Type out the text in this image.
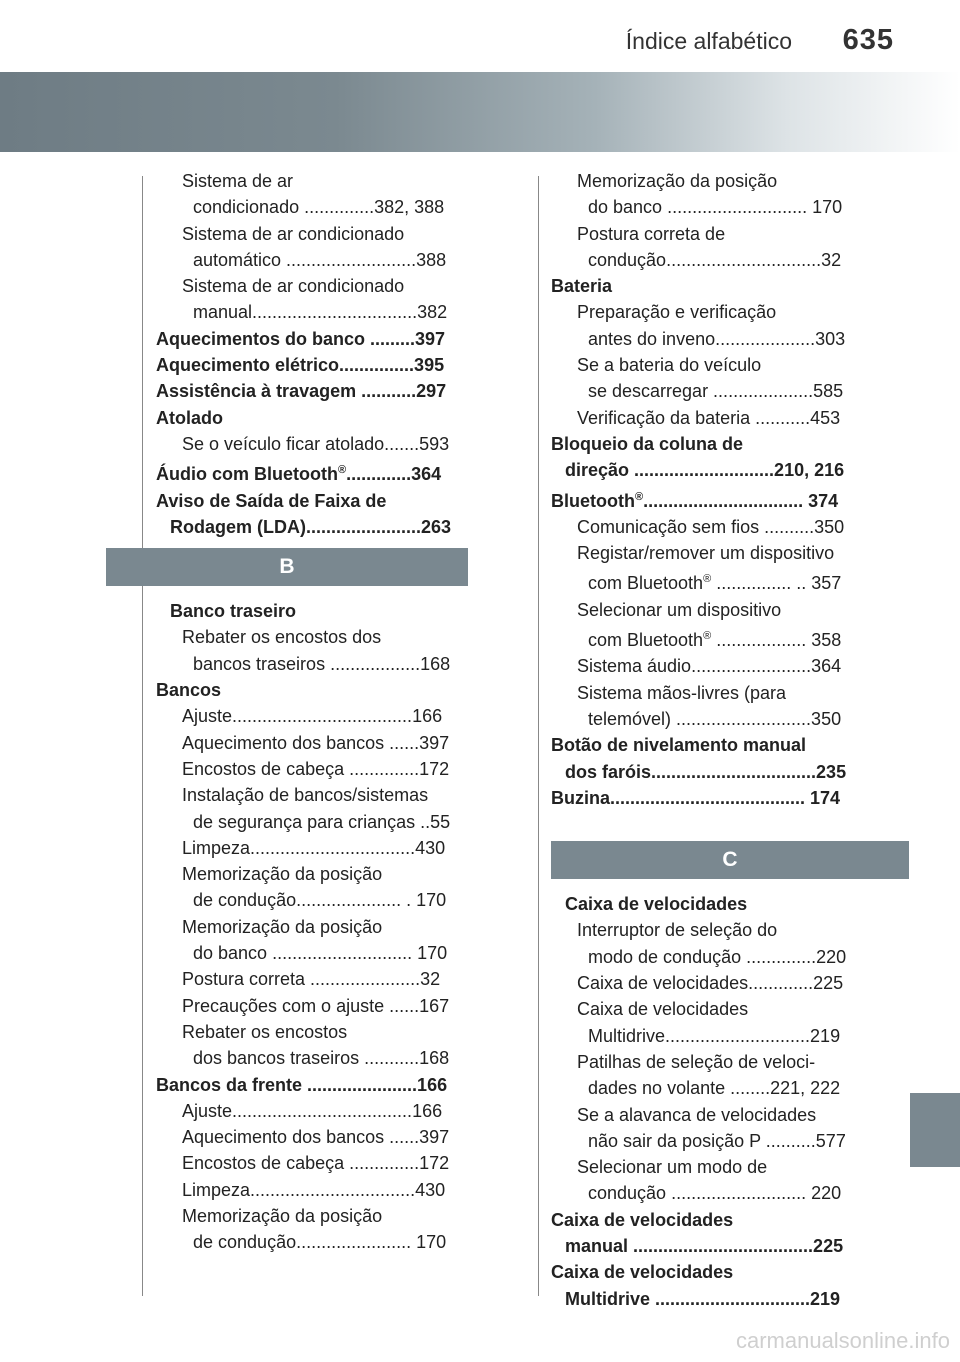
Índice alfabético 635
Sistema de ar
condicionado ..............382, 388
Sistema de ar condicionado
automático ..........................388
Sistema de ar condicionado
manual.................................382
Aquecimentos do banco .........397
Aquecimento elétrico...............395
Assistência à travagem ...........297
Atolado
Se o veículo ficar atolado.......593
Áudio com Bluetooth®.............364
Aviso de Saída de Faixa de
Rodagem (LDA).......................263
B
Banco traseiro
Rebater os encostos dos
bancos traseiros ..................168
Bancos
Ajuste....................................166
Aquecimento dos bancos ......397
Encostos de cabeça ..............172
Instalação de bancos/sistemas
de segurança para crianças ..55
Limpeza.................................430
Memorização da posição
de condução..................... . 170
Memorização da posição
do banco ............................ 170
Postura correta ......................32
Precauções com o ajuste ......167
Rebater os encostos
dos bancos traseiros ...........168
Bancos da frente ......................166
Ajuste....................................166
Aquecimento dos bancos ......397
Encostos de cabeça ..............172
Limpeza.................................430
Memorização da posição
de condução....................... 170
Memorização da posição
do banco ............................ 170
Postura correta de
condução...............................32
Bateria
Preparação e verificação
antes do inveno....................303
Se a bateria do veículo
se descarregar ....................585
Verificação da bateria ...........453
Bloqueio da coluna de
direção ............................210, 216
Bluetooth®................................ 374
Comunicação sem fios ..........350
Registar/remover um dispositivo
com Bluetooth® ............... .. 357
Selecionar um dispositivo
com Bluetooth® .................. 358
Sistema áudio........................364
Sistema mãos-livres (para
telemóvel) ...........................350
Botão de nivelamento manual
dos faróis.................................235
Buzina....................................... 174
C
Caixa de velocidades
Interruptor de seleção do
modo de condução ..............220
Caixa de velocidades.............225
Caixa de velocidades
Multidrive.............................219
Patilhas de seleção de veloci-
dades no volante ........221, 222
Se a alavanca de velocidades
não sair da posição P ..........577
Selecionar um modo de
condução ........................... 220
Caixa de velocidades
manual ....................................225
Caixa de velocidades
Multidrive ...............................219
carmanualsonline.info
